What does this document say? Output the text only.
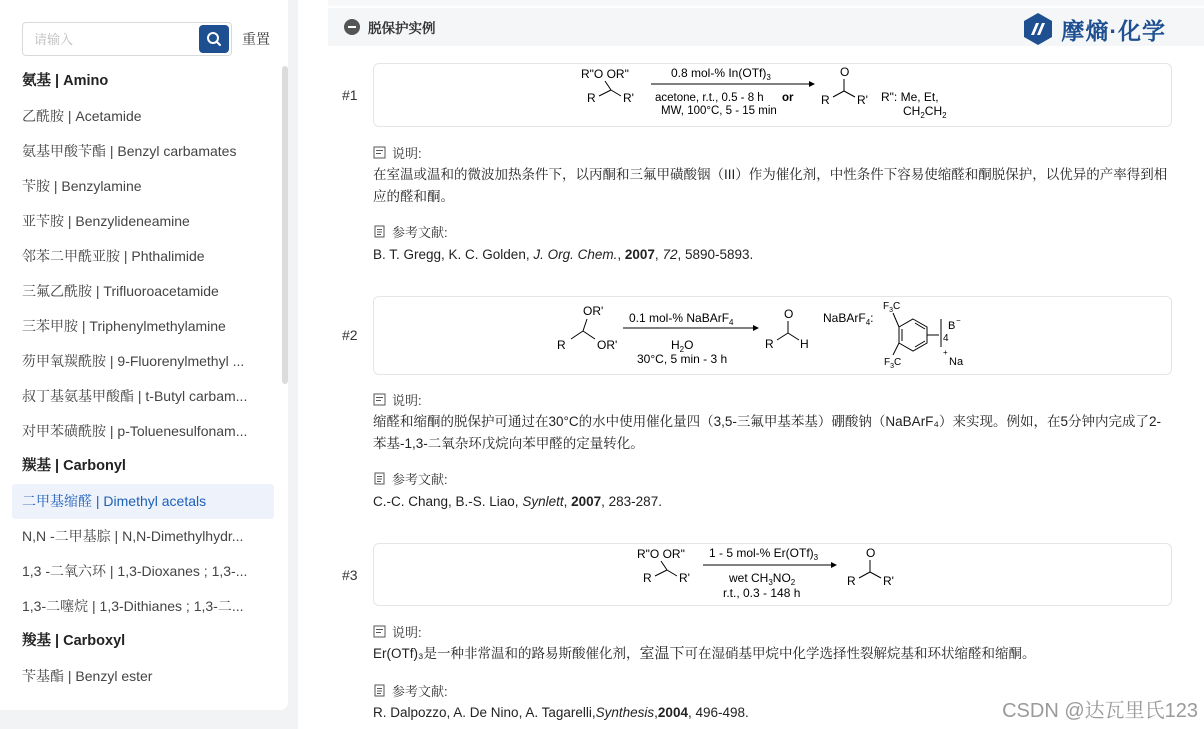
请输入
重置
氨基 | Amino
乙酰胺 | Acetamide
氨基甲酸苄酯 | Benzyl carbamates
苄胺 | Benzylamine
亚苄胺 | Benzylideneamine
邻苯二甲酰亚胺 | Phthalimide
三氟乙酰胺 | Trifluoroacetamide
三苯甲胺 | Triphenylmethylamine
芴甲氧羰酰胺 | 9-Fluorenylmethyl ...
叔丁基氨基甲酸酯 | t-Butyl carbam...
对甲苯磺酰胺 | p-Toluenesulfonam...
羰基 | Carbonyl
二甲基缩醛 | Dimethyl acetals
N,N -二甲基腙 | N,N-Dimethylhydr...
1,3 -二氧六环 | 1,3-Dioxanes ; 1,3-...
1,3-二噻烷 | 1,3-Dithianes ; 1,3-二...
羧基 | Carboxyl
苄基酯 | Benzyl ester
脱保护实例	摩熵·化学
#1
R"O OR"
R R'
0.8 mol-% $In(OTf)_3$
acetone, r.t., 0.5 - 8 h or
MW, 100°C, 5 - 15 min
O
R R' R": Me, Et,
$CH_2CH_2$
说明:
在室温或温和的微波加热条件下，以丙酮和三氟甲磺酸铟（III）作为催化剂，中性条件下容易使缩醛和酮脱保护，以优异的产率得到相应的醛和酮。
参考文献:
B. T. Gregg, K. C. Golden, J. Org. Chem., 2007, 72, 5890-5893.
#2
OR'
R	OR'
0.1 mol-% NaBArF$_4$
$H_2O$
30°C, 5 min - 3 h
O
R H
NaBArF$_4$:
$F_3C$
$F_3C$
4
B −
+
Na
说明:
缩醛和缩酮的脱保护可通过在30°C的水中使用催化量四（3,5-三氟甲基苯基）硼酸钠（NaBArF₄）来实现。例如，在5分钟内完成了2-苯基-1,3-二氧杂环戊烷向苯甲醛的定量转化。
参考文献:
C.-C. Chang, B.-S. Liao, Synlett, 2007, 283-287.
#3
R"O OR"
R R'
1 - 5 mol-% $Er(OTf)_3$
wet $CH_3NO_2$
r.t., 0.3 - 148 h
O
R R'
说明:
Er(OTf)₃是一种非常温和的路易斯酸催化剂，室温下可在湿硝基甲烷中化学选择性裂解烷基和环状缩醛和缩酮。
参考文献:
R. Dalpozzo, A. De Nino, A. Tagarelli,Synthesis,2004, 496-498.	CSDN @达瓦里氏123
